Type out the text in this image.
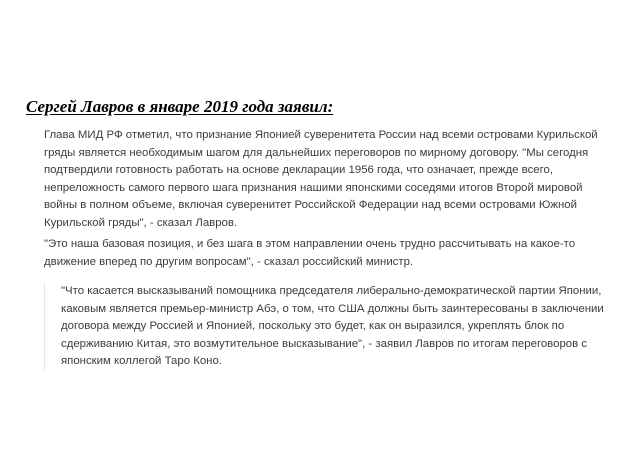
Сергей Лавров в январе 2019 года заявил:

Глава МИД РФ отметил, что признание Японией суверенитета России над всеми островами Курильской гряды является необходимым шагом для дальнейших переговоров по мирному договору. "Мы сегодня подтвердили готовность работать на основе декларации 1956 года, что означает, прежде всего, непреложность самого первого шага признания нашими японскими соседями итогов Второй мировой войны в полном объеме, включая суверенитет Российской Федерации над всеми островами Южной Курильской гряды", - сказал Лавров.

"Это наша базовая позиция, и без шага в этом направлении очень трудно рассчитывать на какое-то движение вперед по другим вопросам", - сказал российский министр.

"Что касается высказываний помощника председателя либерально-демократической партии Японии, каковым является премьер-министр Абэ, о том, что США должны быть заинтересованы в заключении договора между Россией и Японией, поскольку это будет, как он выразился, укреплять блок по сдерживанию Китая, это возмутительное высказывание", - заявил Лавров по итогам переговоров с японским коллегой Таро Коно.
